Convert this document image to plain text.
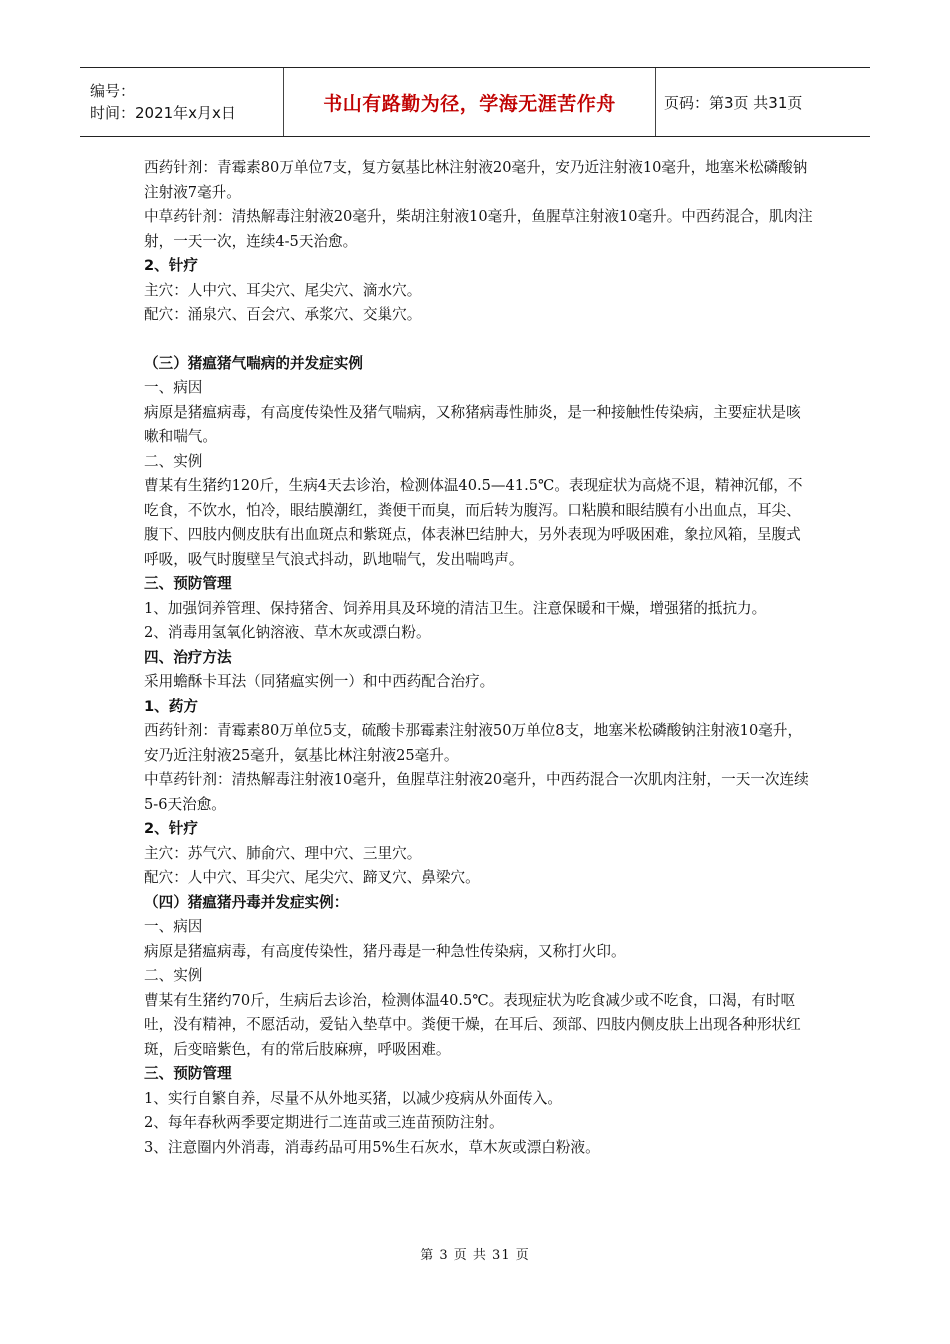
编号：
时间：2021年x月x日	书山有路勤为径，学海无涯苦作舟	页码：第3页 共31页

西药针剂：青霉素80万单位7支，复方氨基比林注射液20毫升，安乃近注射液10毫升，地塞米松磷酸钠注射液7毫升。

中草药针剂：清热解毒注射液20毫升，柴胡注射液10毫升，鱼腥草注射液10毫升。中西药混合，肌肉注射，一天一次，连续4-5天治愈。

2、针疗

主穴：人中穴、耳尖穴、尾尖穴、滴水穴。

配穴：涌泉穴、百会穴、承浆穴、交巢穴。

（三）猪瘟猪气喘病的并发症实例

一、病因

病原是猪瘟病毒，有高度传染性及猪气喘病，又称猪病毒性肺炎，是一种接触性传染病，主要症状是咳嗽和喘气。

二、实例

曹某有生猪约120斤，生病4天去诊治，检测体温40.5—41.5℃。表现症状为高烧不退，精神沉郁，不吃食，不饮水，怕冷，眼结膜潮红，粪便干而臭，而后转为腹泻。口粘膜和眼结膜有小出血点，耳尖、腹下、四肢内侧皮肤有出血斑点和紫斑点，体表淋巴结肿大，另外表现为呼吸困难，象拉风箱，呈腹式呼吸，吸气时腹壁呈气浪式抖动，趴地喘气，发出喘鸣声。

三、预防管理

1、加强饲养管理、保持猪舍、饲养用具及环境的清洁卫生。注意保暖和干燥，增强猪的抵抗力。

2、消毒用氢氧化钠溶液、草木灰或漂白粉。

四、治疗方法

采用蟾酥卡耳法（同猪瘟实例一）和中西药配合治疗。

1、药方

西药针剂：青霉素80万单位5支，硫酸卡那霉素注射液50万单位8支，地塞米松磷酸钠注射液10毫升，安乃近注射液25毫升，氨基比林注射液25毫升。

中草药针剂：清热解毒注射液10毫升，鱼腥草注射液20毫升，中西药混合一次肌肉注射，一天一次连续5-6天治愈。

2、针疗

主穴：苏气穴、肺俞穴、理中穴、三里穴。

配穴：人中穴、耳尖穴、尾尖穴、蹄叉穴、鼻梁穴。

（四）猪瘟猪丹毒并发症实例：

一、病因

病原是猪瘟病毒，有高度传染性，猪丹毒是一种急性传染病，又称打火印。

二、实例

曹某有生猪约70斤，生病后去诊治，检测体温40.5℃。表现症状为吃食减少或不吃食，口渴，有时呕吐，没有精神，不愿活动，爱钻入垫草中。粪便干燥，在耳后、颈部、四肢内侧皮肤上出现各种形状红斑，后变暗紫色，有的常后肢麻痹，呼吸困难。

三、预防管理

1、实行自繁自养，尽量不从外地买猪，以减少疫病从外面传入。

2、每年春秋两季要定期进行二连苗或三连苗预防注射。

3、注意圈内外消毒，消毒药品可用5%生石灰水，草木灰或漂白粉液。

第 3 页 共 31 页
